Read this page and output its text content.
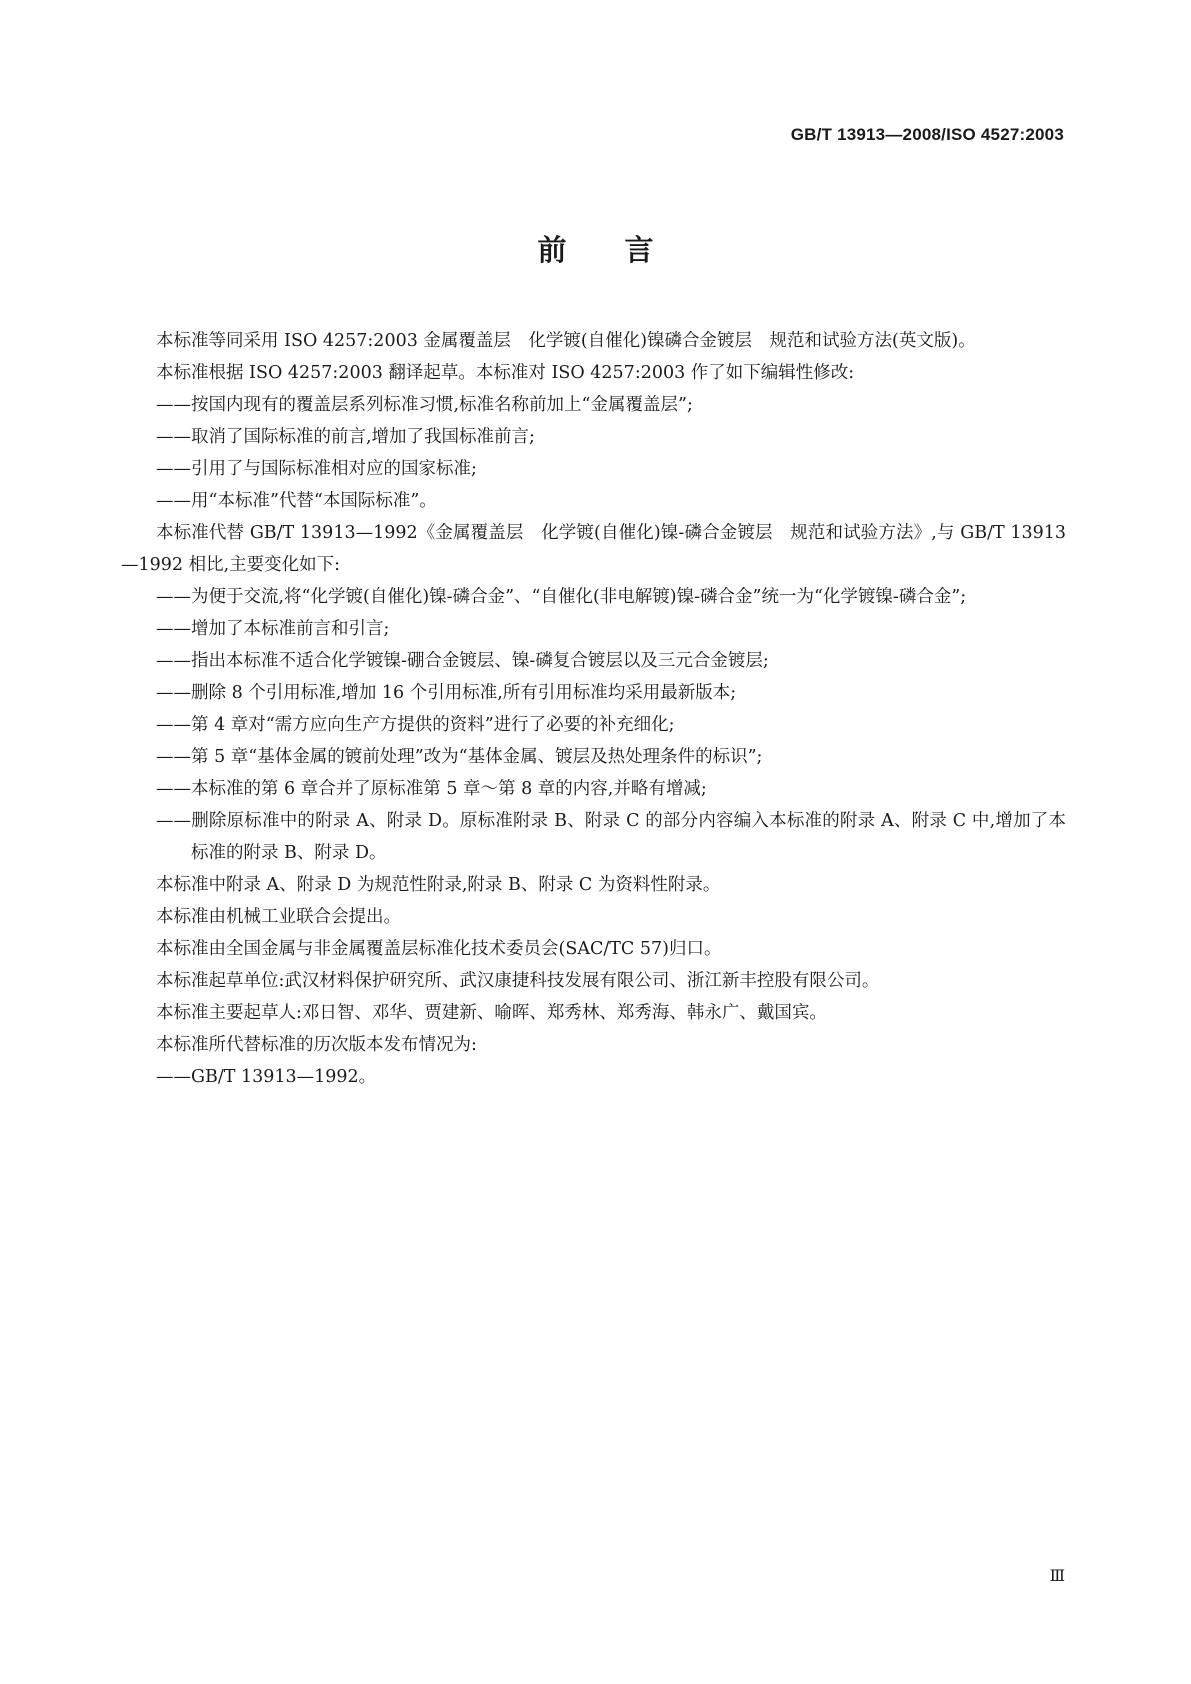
GB/T 13913—2008/ISO 4527:2003
前 言

本标准等同采用 ISO 4257:2003 金属覆盖层　化学镀(自催化)镍磷合金镀层　规范和试验方法(英文版)。

本标准根据 ISO 4257:2003 翻译起草。本标准对 ISO 4257:2003 作了如下编辑性修改:

——按国内现有的覆盖层系列标准习惯,标准名称前加上“金属覆盖层”;

——取消了国际标准的前言,增加了我国标准前言;

——引用了与国际标准相对应的国家标准;

——用“本标准”代替“本国际标准”。

本标准代替 GB/T 13913—1992《金属覆盖层　化学镀(自催化)镍-磷合金镀层　规范和试验方法》,与 GB/T 13913—1992 相比,主要变化如下:

——为便于交流,将“化学镀(自催化)镍-磷合金”、“自催化(非电解镀)镍-磷合金”统一为“化学镀镍-磷合金”;

——增加了本标准前言和引言;

——指出本标准不适合化学镀镍-硼合金镀层、镍-磷复合镀层以及三元合金镀层;

——删除 8 个引用标准,增加 16 个引用标准,所有引用标准均采用最新版本;

——第 4 章对“需方应向生产方提供的资料”进行了必要的补充细化;

——第 5 章“基体金属的镀前处理”改为“基体金属、镀层及热处理条件的标识”;

——本标准的第 6 章合并了原标准第 5 章～第 8 章的内容,并略有增减;

——删除原标准中的附录 A、附录 D。原标准附录 B、附录 C 的部分内容编入本标准的附录 A、附录 C 中,增加了本标准的附录 B、附录 D。

本标准中附录 A、附录 D 为规范性附录,附录 B、附录 C 为资料性附录。

本标准由机械工业联合会提出。

本标准由全国金属与非金属覆盖层标准化技术委员会(SAC/TC 57)归口。

本标准起草单位:武汉材料保护研究所、武汉康捷科技发展有限公司、浙江新丰控股有限公司。

本标准主要起草人:邓日智、邓华、贾建新、喻晖、郑秀林、郑秀海、韩永广、戴国宾。

本标准所代替标准的历次版本发布情况为:

——GB/T 13913—1992。

Ⅲ
